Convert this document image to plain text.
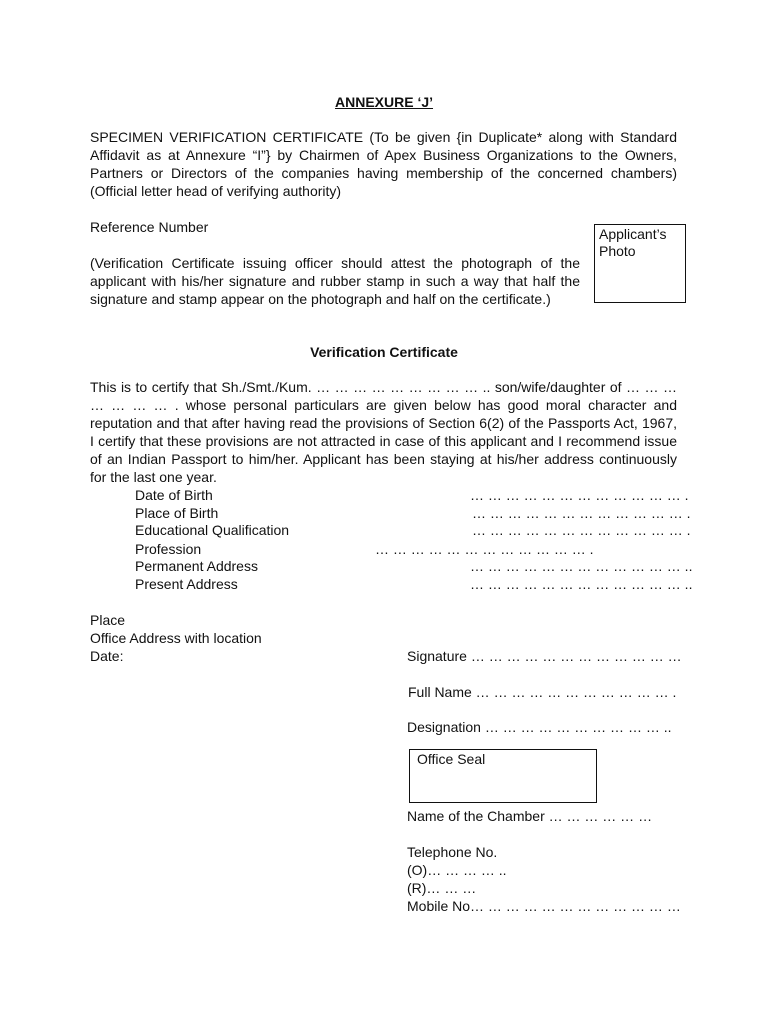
ANNEXURE ‘J’
SPECIMEN VERIFICATION CERTIFICATE (To be given {in Duplicate* along with Standard Affidavit as at Annexure “I”} by Chairmen of Apex Business Organizations to the Owners, Partners or Directors of the companies having membership of the concerned chambers) (Official letter head of verifying authority)
Reference Number	Applicant’s
Photo
(Verification Certificate issuing officer should attest the photograph of the applicant with his/her signature and rubber stamp in such a way that half the signature and stamp appear on the photograph and half on the certificate.)
Verification Certificate
This is to certify that Sh./Smt./Kum. … … … … … … … … … .. son/wife/daughter of … … … … … … … . whose personal particulars are given below has good moral character and reputation and that after having read the provisions of Section 6(2) of the Passports Act, 1967, I certify that these provisions are not attracted in case of this applicant and I recommend issue of an Indian Passport to him/her. Applicant has been staying at his/her address continuously for the last one year.
Date of Birth	… … … … … … … … … … … … .
Place of Birth	… … … … … … … … … … … … .
Educational Qualification	… … … … … … … … … … … … .
Profession	… … … … … … … … … … … … .
Permanent Address	… … … … … … … … … … … … ..
Present Address	… … … … … … … … … … … … ..
Place
Office Address with location
Date:	Signature … … … … … … … … … … … …
Full Name … … … … … … … … … … … .
Designation … … … … … … … … … … ..
Office Seal
Name of the Chamber … … … … … …
Telephone No.
(O)… … … … ..
(R)… … …
Mobile No… … … … … … … … … … … …
